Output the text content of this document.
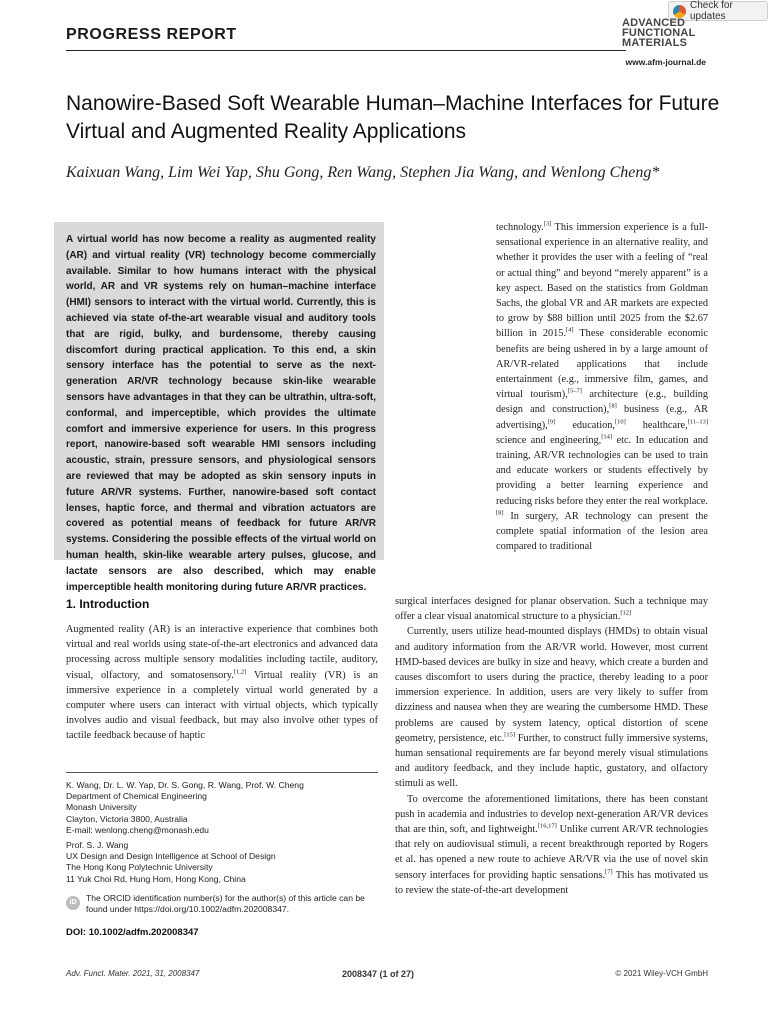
PROGRESS REPORT
Check for updates
ADVANCED
FUNCTIONAL
MATERIALS
www.afm-journal.de
Nanowire-Based Soft Wearable Human–Machine Interfaces for Future Virtual and Augmented Reality Applications
Kaixuan Wang, Lim Wei Yap, Shu Gong, Ren Wang, Stephen Jia Wang, and Wenlong Cheng*

A virtual world has now become a reality as augmented reality (AR) and virtual reality (VR) technology become commercially available. Similar to how humans interact with the physical world, AR and VR systems rely on human–machine interface (HMI) sensors to interact with the virtual world. Currently, this is achieved via state of-the-art wearable visual and auditory tools that are rigid, bulky, and burdensome, thereby causing discomfort during practical application. To this end, a skin sensory interface has the potential to serve as the next-generation AR/VR technology because skin-like wearable sensors have advantages in that they can be ultrathin, ultra-soft, conformal, and imperceptible, which provides the ultimate comfort and immersive experience for users. In this progress report, nanowire-based soft wearable HMI sensors including acoustic, strain, pressure sensors, and physiological sensors are reviewed that may be adopted as skin sensory inputs in future AR/VR systems. Further, nanowire-based soft contact lenses, haptic force, and thermal and vibration actuators are covered as potential means of feedback for future AR/VR systems. Considering the possible effects of the virtual world on human health, skin-like wearable artery pulses, glucose, and lactate sensors are also described, which may enable imperceptible health monitoring during future AR/VR practices.

technology.[3] This immersion experience is a full-sensational experience in an alternative reality, and whether it provides the user with a feeling of “real or actual thing” and beyond “merely apparent” is a key aspect. Based on the statistics from Goldman Sachs, the global VR and AR markets are expected to grow by $88 billion until 2025 from the $2.67 billion in 2015.[4] These considerable economic benefits are being ushered in by a large amount of AR/VR-related applications that include entertainment (e.g., immersive film, games, and virtual tourism),[5–7] architecture (e.g., building design and construction),[8] business (e.g., AR advertising),[9] education,[10] healthcare,[11–13] science and engineering,[14] etc. In education and training, AR/VR technologies can be used to train and educate workers or students effectively by providing a better learning experience and reducing risks before they enter the real workplace.[8] In surgery, AR technology can present the complete spatial information of the lesion area compared to traditional
1. Introduction
Augmented reality (AR) is an interactive experience that combines both virtual and real worlds using state-of-the-art electronics and advanced data processing across multiple sensory modalities including tactile, auditory, visual, olfactory, and somatosensory.[1,2] Virtual reality (VR) is an immersive experience in a completely virtual world generated by a computer where users can interact with virtual objects, which typically involves audio and visual feedback, but may also involve other types of tactile feedback because of haptic

surgical interfaces designed for planar observation. Such a technique may offer a clear visual anatomical structure to a physician.[12]

Currently, users utilize head-mounted displays (HMDs) to obtain visual and auditory information from the AR/VR world. However, most current HMD-based devices are bulky in size and heavy, which create a burden and causes discomfort to users during the practice, thereby leading to a poor immersion experience. In addition, users are very likely to suffer from dizziness and nausea when they are wearing the cumbersome HMD. These problems are caused by system latency, optical distortion of scene geometry, persistence, etc.[15] Further, to construct fully immersive systems, human sensational requirements are far beyond merely visual stimulations and auditory feedback, and they include haptic, gustatory, and olfactory stimuli as well.

To overcome the aforementioned limitations, there has been constant push in academia and industries to develop next-generation AR/VR devices that are thin, soft, and lightweight.[16,17] Unlike current AR/VR technologies that rely on audiovisual stimuli, a recent breakthrough reported by Rogers et al. has opened a new route to achieve AR/VR via the use of novel skin sensory interfaces for providing haptic sensations.[7] This has motivated us to review the state-of-the-art development

K. Wang, Dr. L. W. Yap, Dr. S. Gong, R. Wang, Prof. W. Cheng
Department of Chemical Engineering
Monash University
Clayton, Victoria 3800, Australia
E-mail: wenlong.cheng@monash.edu
Prof. S. J. Wang
UX Design and Design Intelligence at School of Design
The Hong Kong Polytechnic University
11 Yuk Choi Rd, Hung Hom, Hong Kong, China
iD	The ORCID identification number(s) for the author(s) of this article can be found under https://doi.org/10.1002/adfm.202008347.
DOI: 10.1002/adfm.202008347
Adv. Funct. Mater. 2021, 31, 2008347	2008347 (1 of 27)	© 2021 Wiley-VCH GmbH
